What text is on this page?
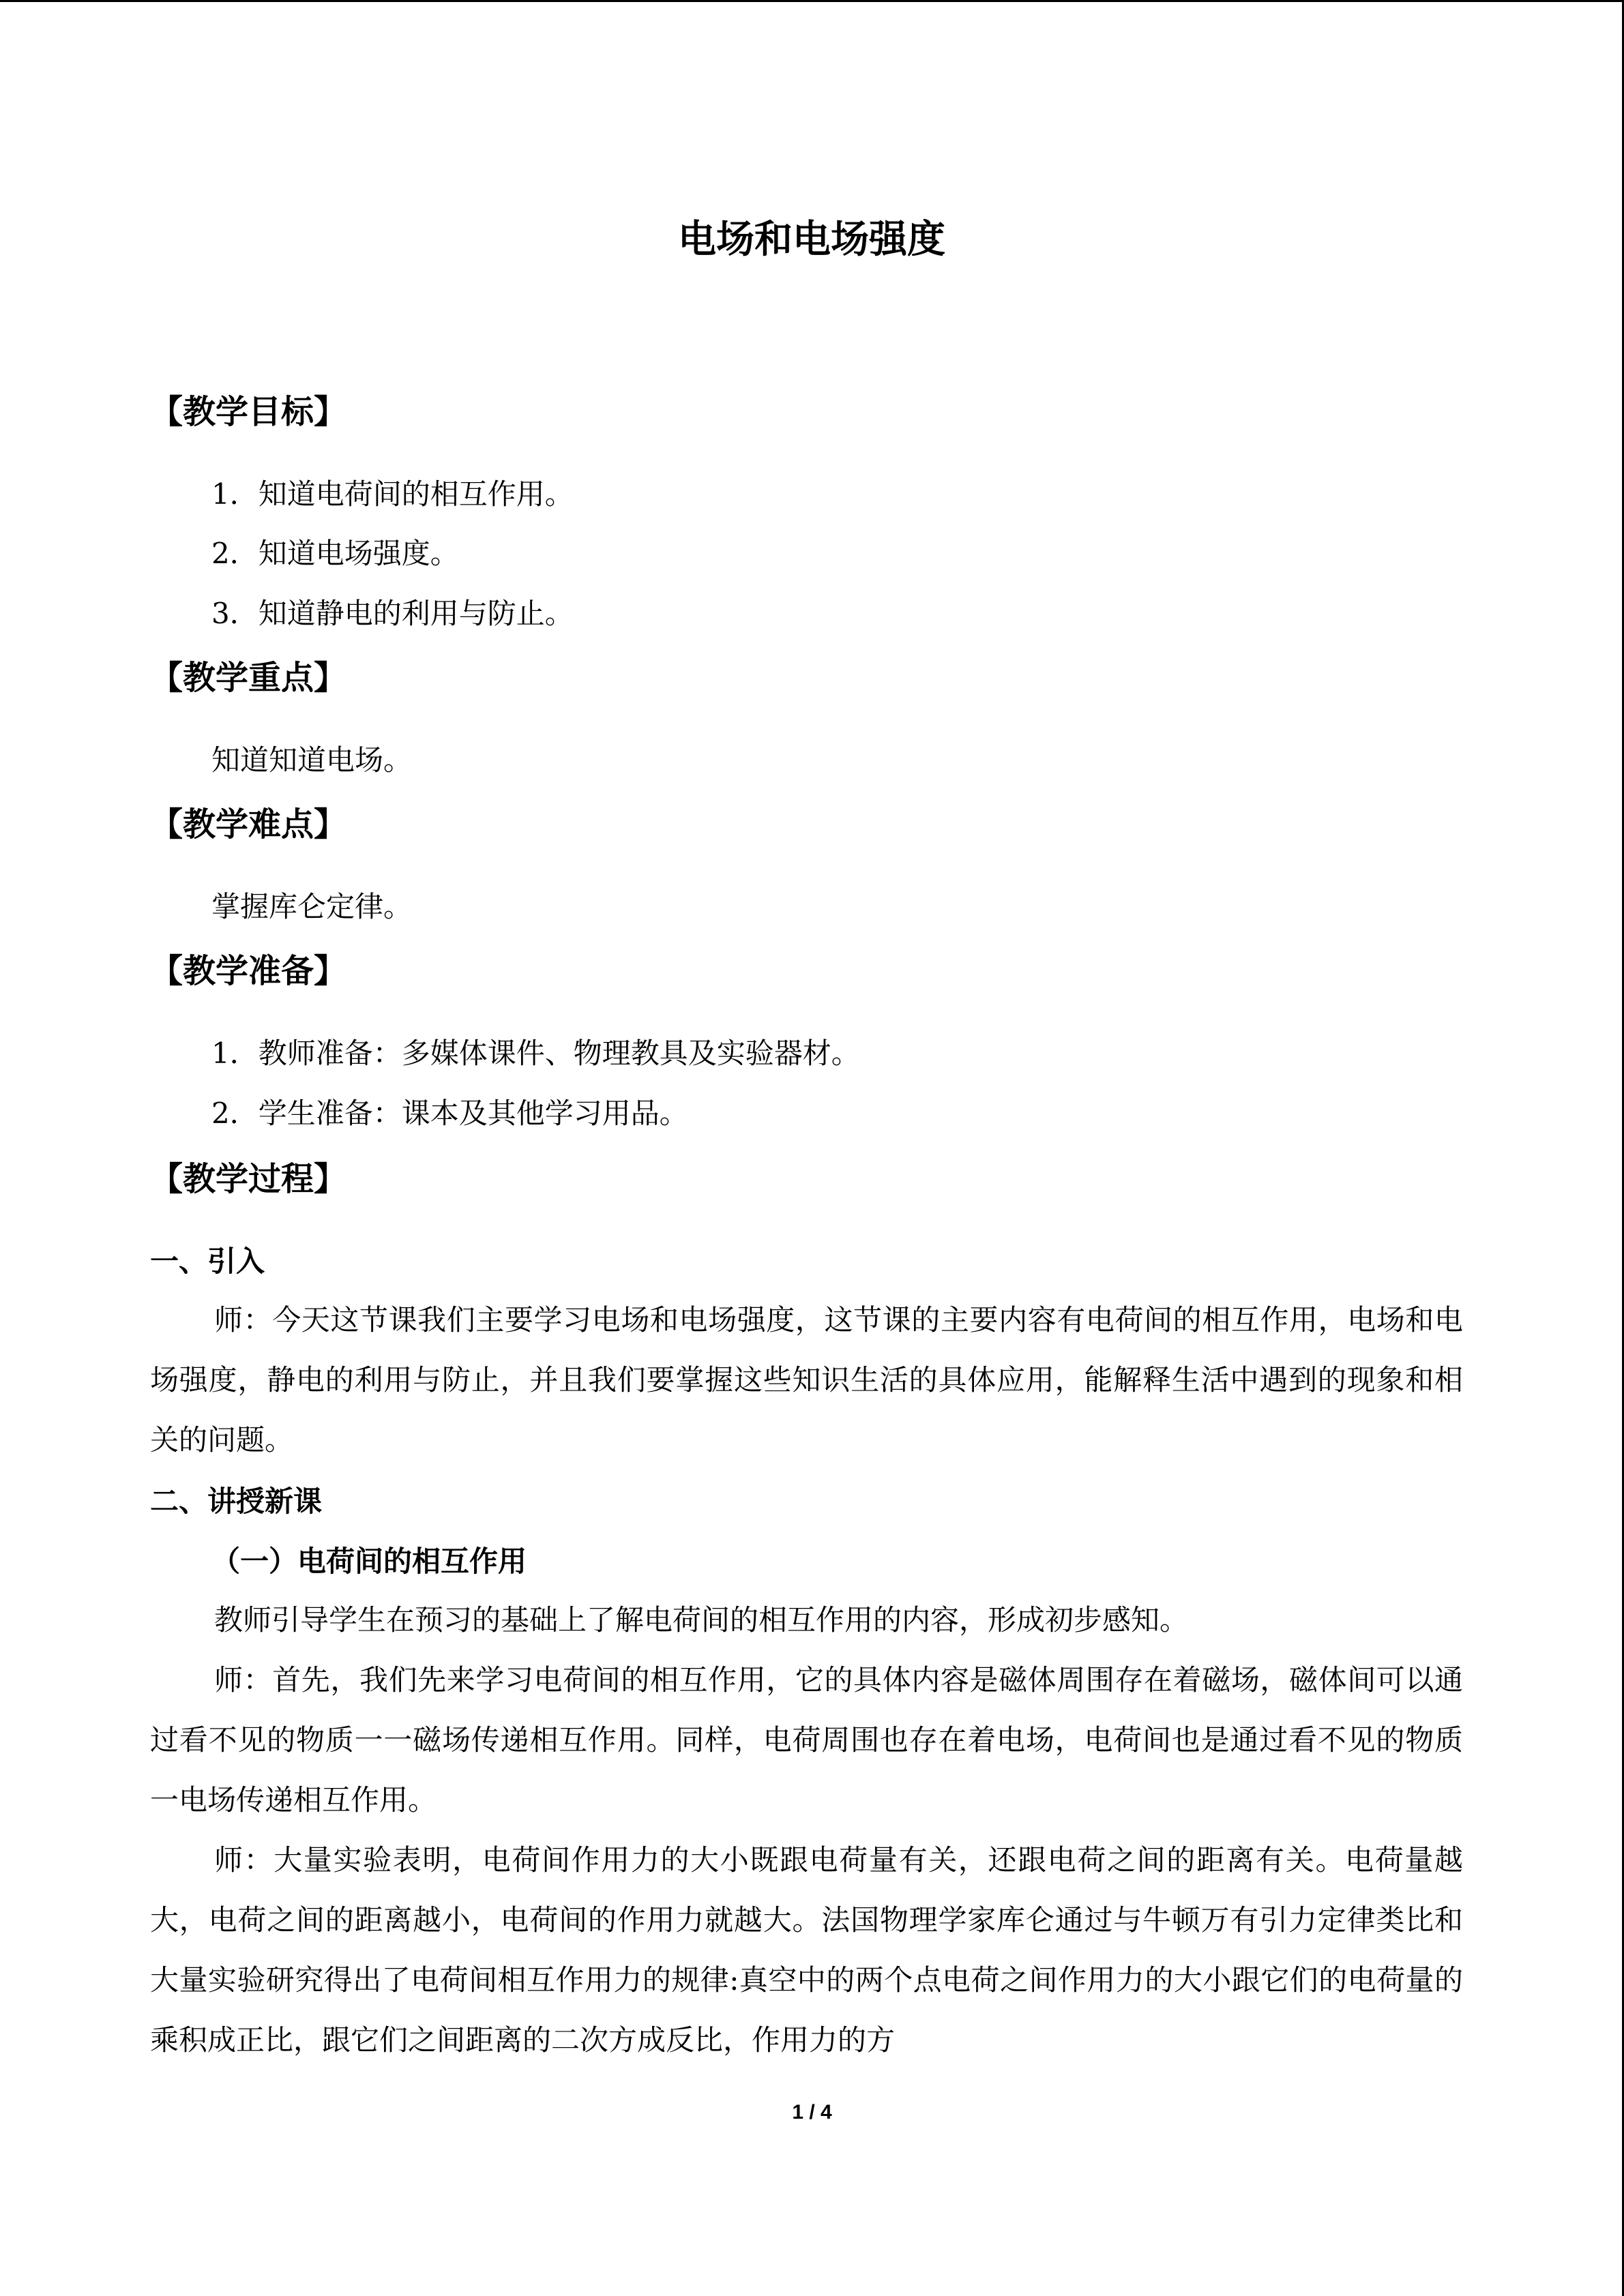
电场和电场强度
【教学目标】
1．知道电荷间的相互作用。
2．知道电场强度。
3．知道静电的利用与防止。
【教学重点】
知道知道电场。
【教学难点】
掌握库仑定律。
【教学准备】
1．教师准备：多媒体课件、物理教具及实验器材。
2．学生准备：课本及其他学习用品。
【教学过程】
一、引入

师：今天这节课我们主要学习电场和电场强度，这节课的主要内容有电荷间的相互作用，电场和电场强度，静电的利用与防止，并且我们要掌握这些知识生活的具体应用，能解释生活中遇到的现象和相关的问题。

二、讲授新课
（一）电荷间的相互作用

教师引导学生在预习的基础上了解电荷间的相互作用的内容，形成初步感知。

师：首先，我们先来学习电荷间的相互作用，它的具体内容是磁体周围存在着磁场，磁体间可以通过看不见的物质一一磁场传递相互作用。同样，电荷周围也存在着电场，电荷间也是通过看不见的物质一电场传递相互作用。

师：大量实验表明，电荷间作用力的大小既跟电荷量有关，还跟电荷之间的距离有关。电荷量越大，电荷之间的距离越小，电荷间的作用力就越大。法国物理学家库仑通过与牛顿万有引力定律类比和大量实验研究得出了电荷间相互作用力的规律:真空中的两个点电荷之间作用力的大小跟它们的电荷量的乘积成正比，跟它们之间距离的二次方成反比，作用力的方

1 / 4
